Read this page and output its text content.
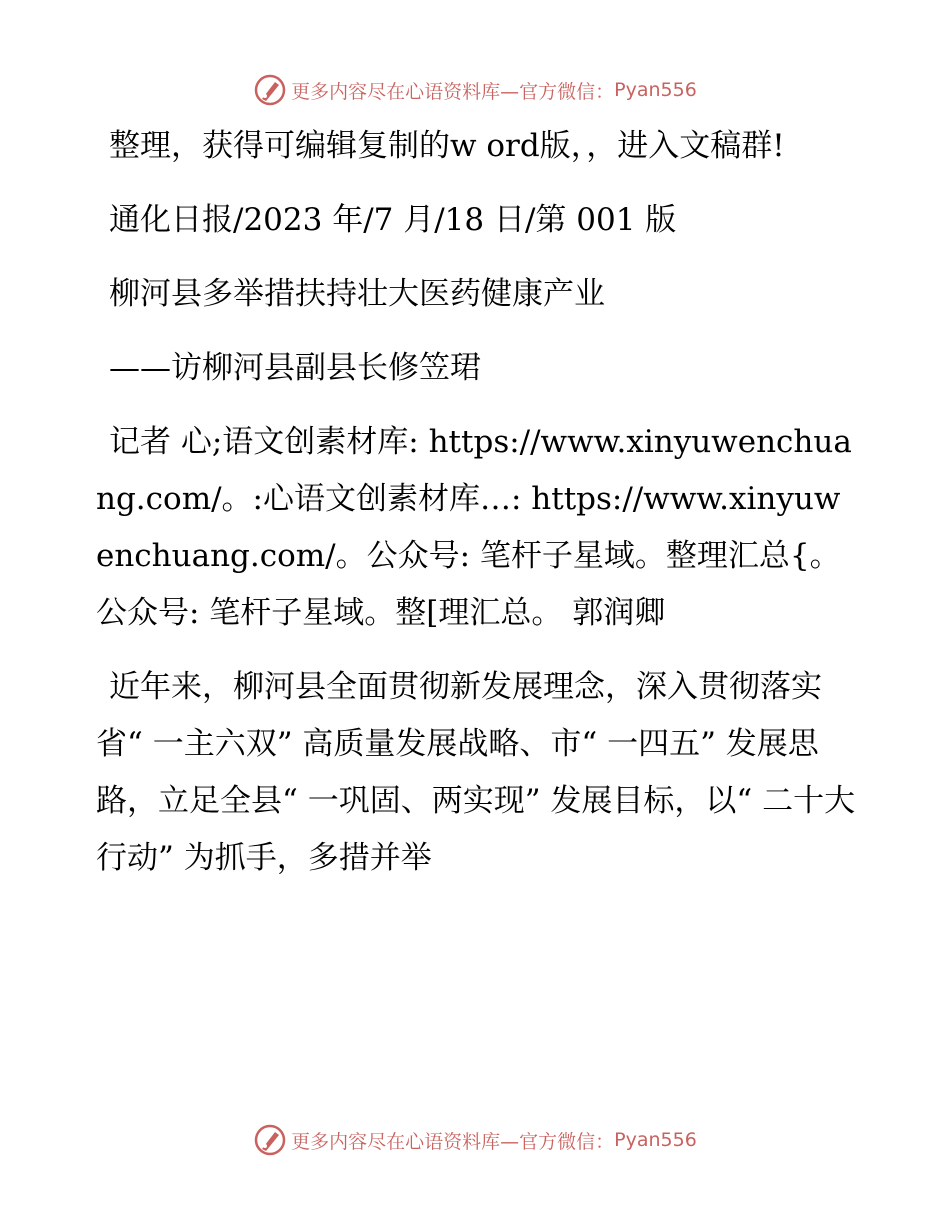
更多内容尽在心语资料库—官方微信： Pyan556

整理，获得可编辑复制的w ord版，，进入文稿群!

通化日报/2023 年/7 月/18 日/第 001 版

柳河县多举措扶持壮大医药健康产业

——访柳河县副县长修笠珺

记者 心;语文创素材库: https://www.xinyuwenchuang.com/。:心语文创素材库…: https://www.xinyuwenchuang.com/。公众号: 笔杆子星域。整理汇总{。公众号: 笔杆子星域。整[理汇总。 郭润卿

近年来，柳河县全面贯彻新发展理念，深入贯彻落实省“ 一主六双” 高质量发展战略、市“ 一四五” 发展思路，立足全县“ 一巩固、两实现” 发展目标，以“ 二十大行动” 为抓手，多措并举

更多内容尽在心语资料库—官方微信： Pyan556
